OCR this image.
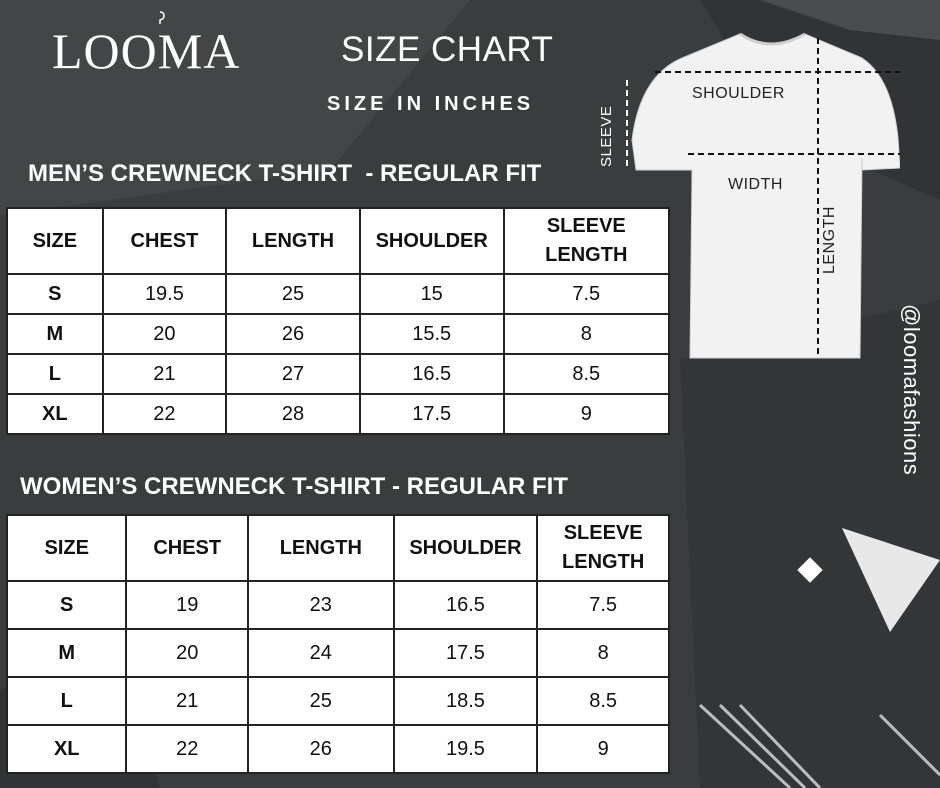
LOOMA	SIZE CHART
SIZE IN INCHES
MEN’S CREWNECK T-SHIRT  - REGULAR FIT
SIZE	CHEST	LENGTH	SHOULDER	SLEEVE
LENGTH
S	19.5	25	15	7.5
M	20	26	15.5	8
L	21	27	16.5	8.5
XL	22	28	17.5	9
WOMEN’S CREWNECK T-SHIRT - REGULAR FIT
SIZE	CHEST	LENGTH	SHOULDER	SLEEVE
LENGTH
S	19	23	16.5	7.5
M	20	24	17.5	8
L	21	25	18.5	8.5
XL	22	26	19.5	9
SHOULDER
WIDTH
LENGTH
SLEEVE
@loomafashions
